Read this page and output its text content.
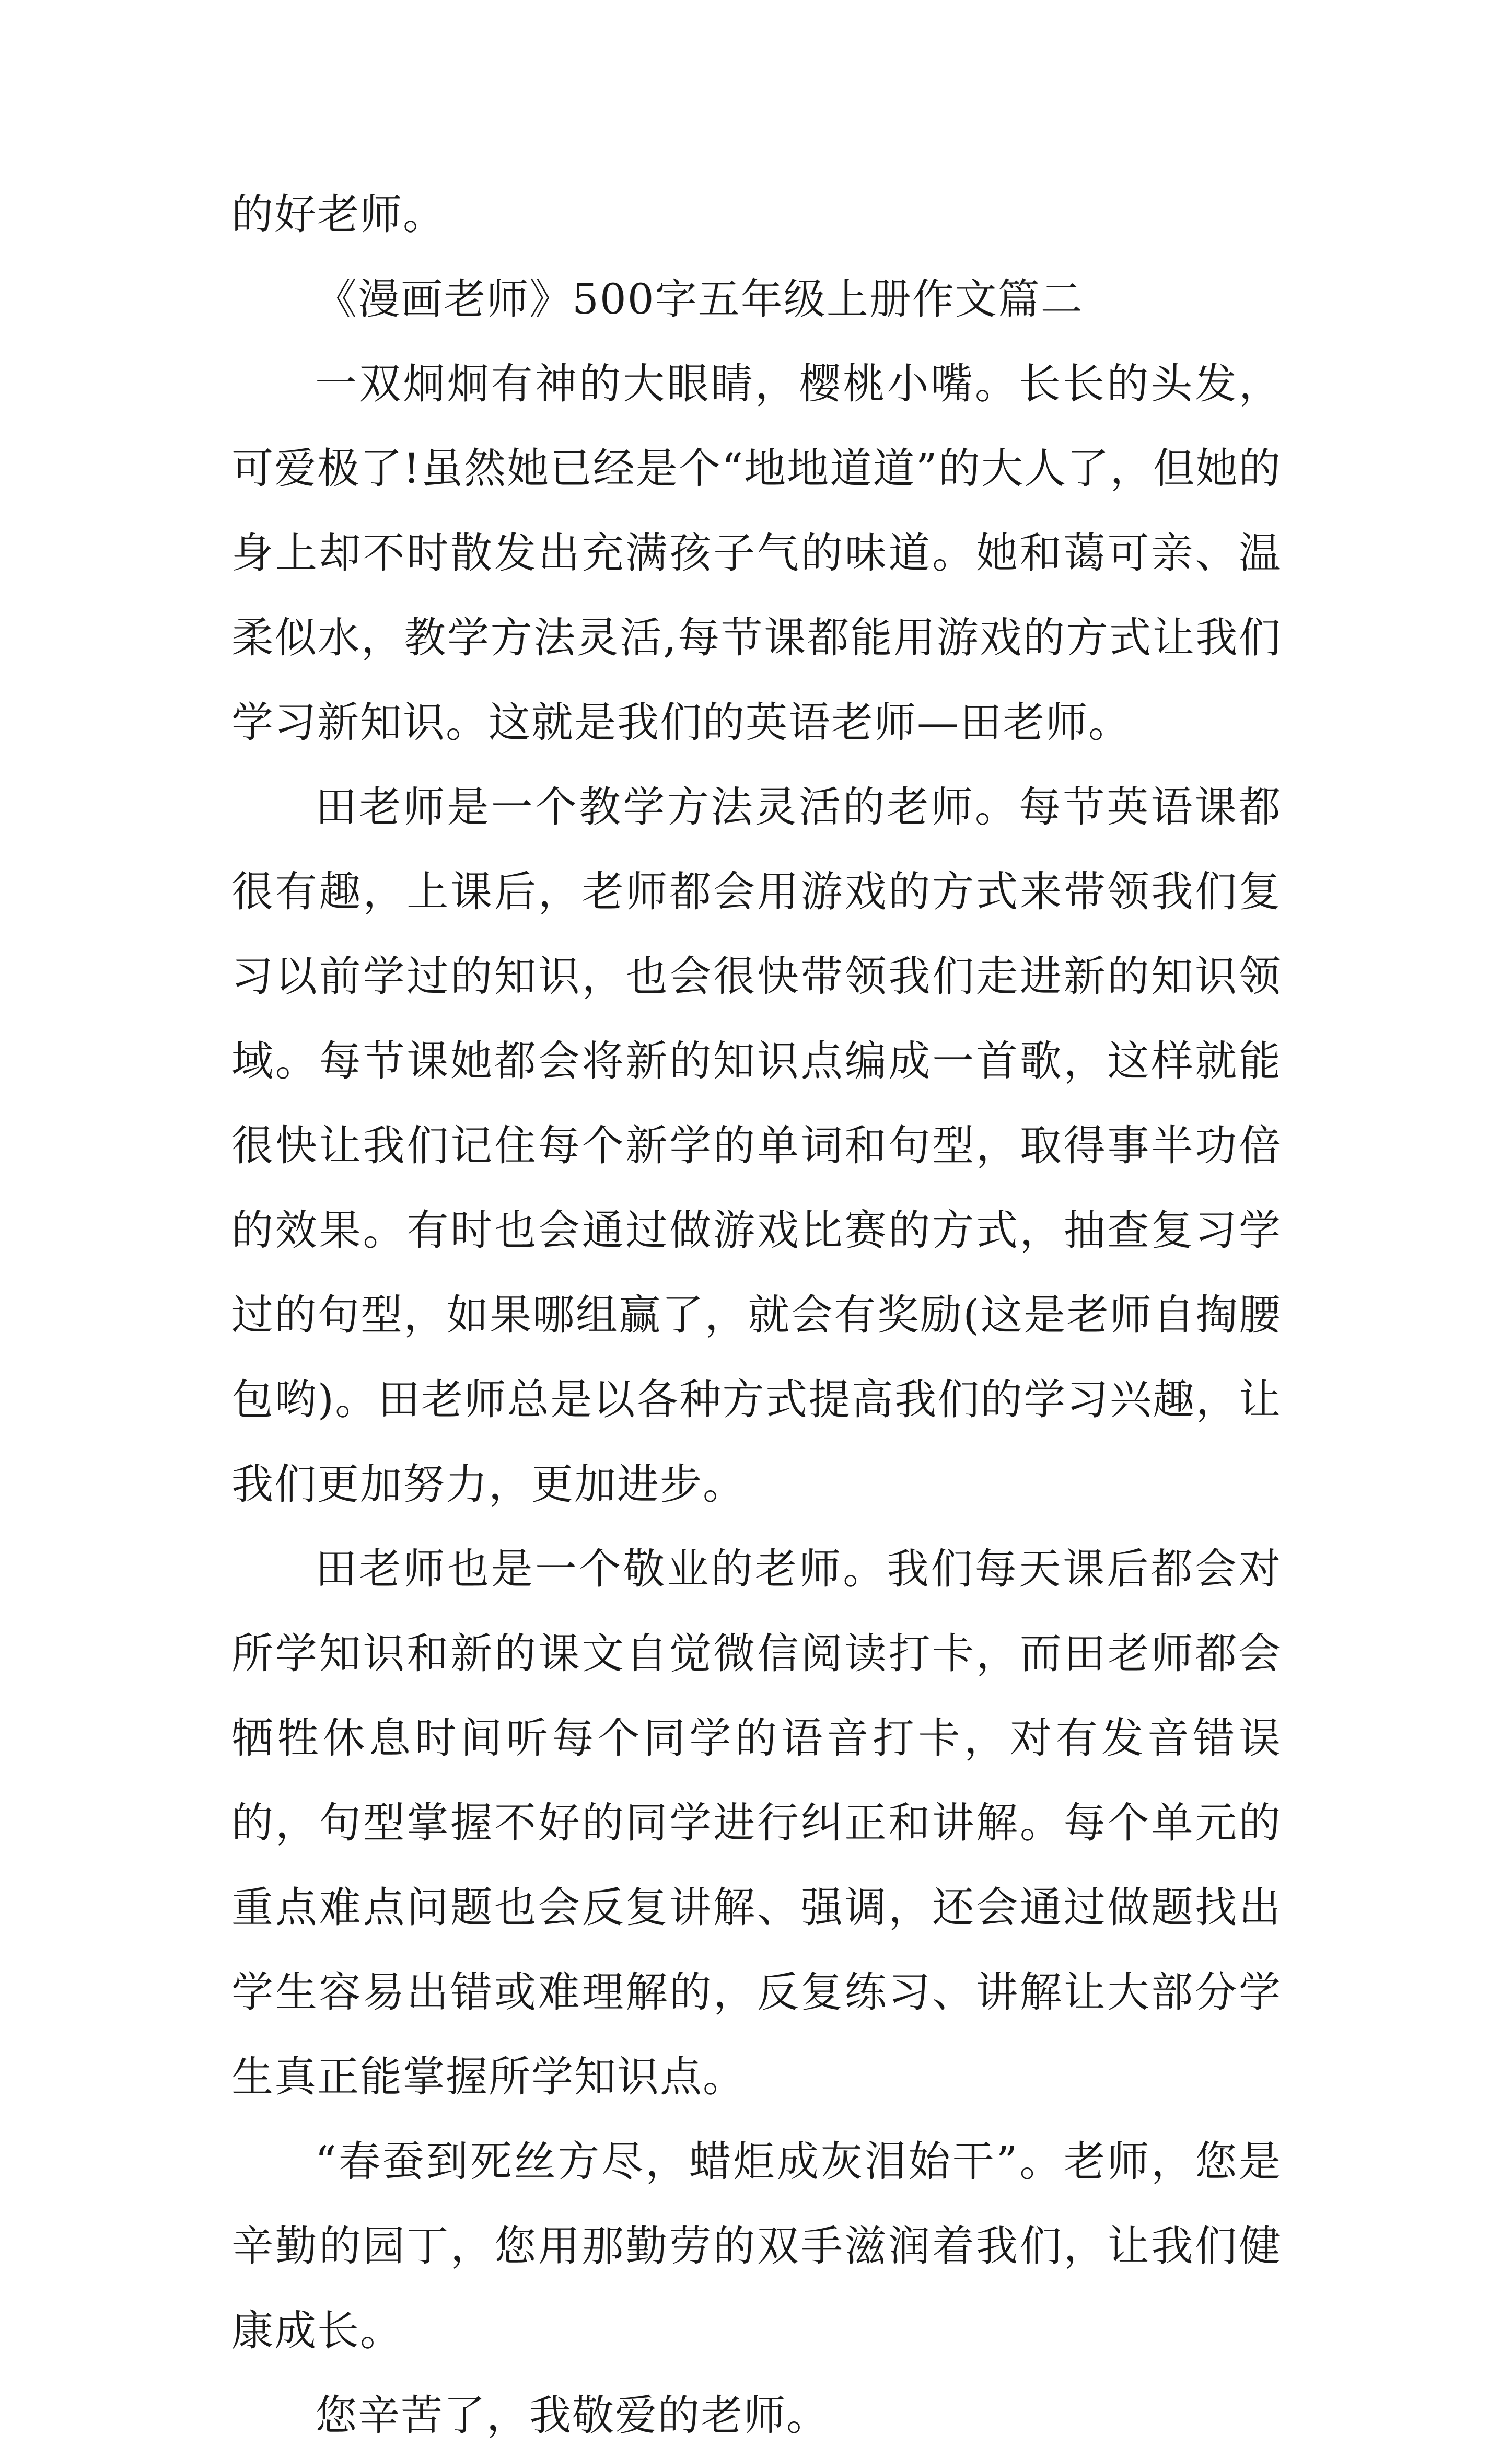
的好老师。

《漫画老师》500字五年级上册作文篇二

一双炯炯有神的大眼睛，樱桃小嘴。长长的头发，可爱极了!虽然她已经是个“地地道道”的大人了，但她的身上却不时散发出充满孩子气的味道。她和蔼可亲、温柔似水，教学方法灵活,每节课都能用游戏的方式让我们学习新知识。这就是我们的英语老师—田老师。

田老师是一个教学方法灵活的老师。每节英语课都很有趣，上课后，老师都会用游戏的方式来带领我们复习以前学过的知识，也会很快带领我们走进新的知识领域。每节课她都会将新的知识点编成一首歌，这样就能很快让我们记住每个新学的单词和句型，取得事半功倍的效果。有时也会通过做游戏比赛的方式，抽查复习学过的句型，如果哪组赢了，就会有奖励(这是老师自掏腰包哟)。田老师总是以各种方式提高我们的学习兴趣，让我们更加努力，更加进步。

田老师也是一个敬业的老师。我们每天课后都会对所学知识和新的课文自觉微信阅读打卡，而田老师都会牺牲休息时间听每个同学的语音打卡，对有发音错误的，句型掌握不好的同学进行纠正和讲解。每个单元的重点难点问题也会反复讲解、强调，还会通过做题找出学生容易出错或难理解的，反复练习、讲解让大部分学生真正能掌握所学知识点。

“春蚕到死丝方尽，蜡炬成灰泪始干”。老师，您是辛勤的园丁，您用那勤劳的双手滋润着我们，让我们健康成长。

您辛苦了，我敬爱的老师。
